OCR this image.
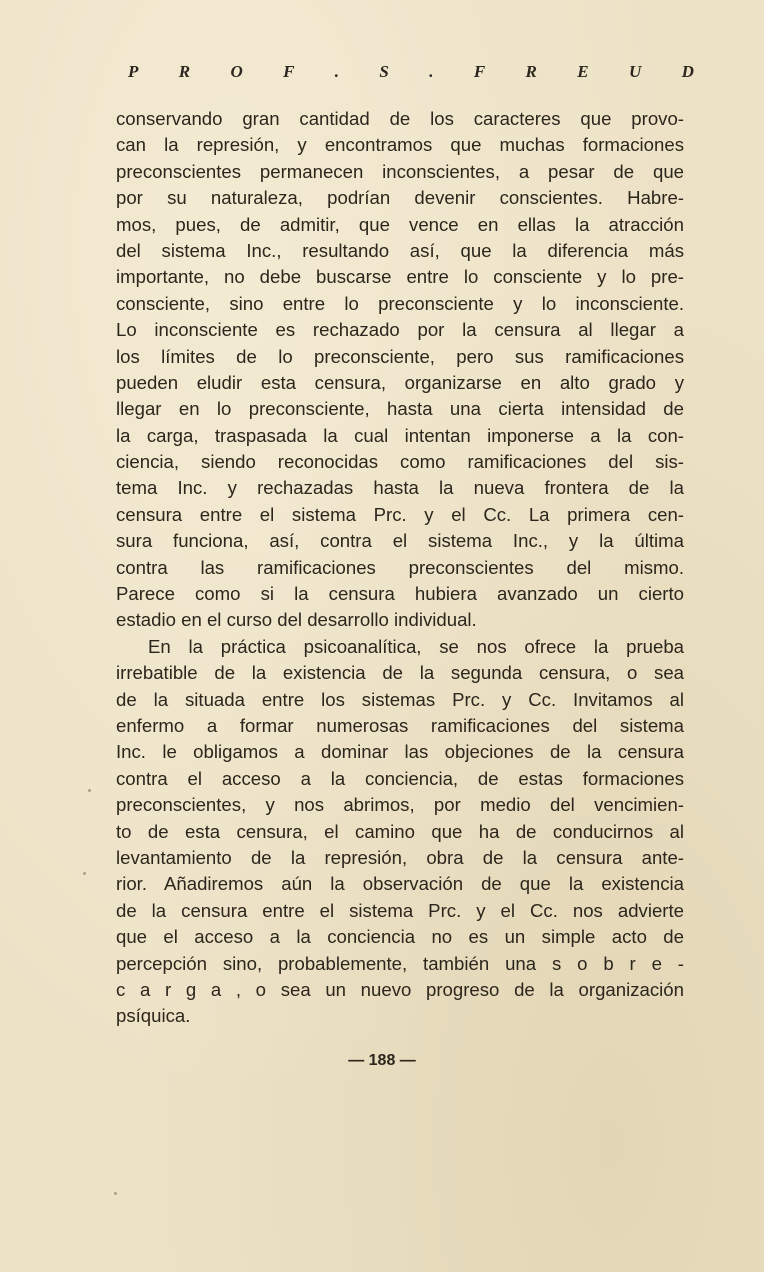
P R O F . S . F R E U D
conservando gran cantidad de los caracteres que provo-
can la represión, y encontramos que muchas formaciones
preconscientes permanecen inconscientes, a pesar de que
por su naturaleza, podrían devenir conscientes. Habre-
mos, pues, de admitir, que vence en ellas la atracción
del sistema Inc., resultando así, que la diferencia más
importante, no debe buscarse entre lo consciente y lo pre-
consciente, sino entre lo preconsciente y lo inconsciente.
Lo inconsciente es rechazado por la censura al llegar a
los límites de lo preconsciente, pero sus ramificaciones
pueden eludir esta censura, organizarse en alto grado y
llegar en lo preconsciente, hasta una cierta intensidad de
la carga, traspasada la cual intentan imponerse a la con-
ciencia, siendo reconocidas como ramificaciones del sis-
tema Inc. y rechazadas hasta la nueva frontera de la
censura entre el sistema Prc. y el Cc. La primera cen-
sura funciona, así, contra el sistema Inc., y la última
contra las ramificaciones preconscientes del mismo.
Parece como si la censura hubiera avanzado un cierto
estadio en el curso del desarrollo individual.
En la práctica psicoanalítica, se nos ofrece la prueba
irrebatible de la existencia de la segunda censura, o sea
de la situada entre los sistemas Prc. y Cc. Invitamos al
enfermo a formar numerosas ramificaciones del sistema
Inc. le obligamos a dominar las objeciones de la censura
contra el acceso a la conciencia, de estas formaciones
preconscientes, y nos abrimos, por medio del vencimien-
to de esta censura, el camino que ha de conducirnos al
levantamiento de la represión, obra de la censura ante-
rior. Añadiremos aún la observación de que la existencia
de la censura entre el sistema Prc. y el Cc. nos advierte
que el acceso a la conciencia no es un simple acto de
percepción sino, probablemente, también una s o b r e -
c a r g a , o sea un nuevo progreso de la organización
psíquica.
— 188 —
